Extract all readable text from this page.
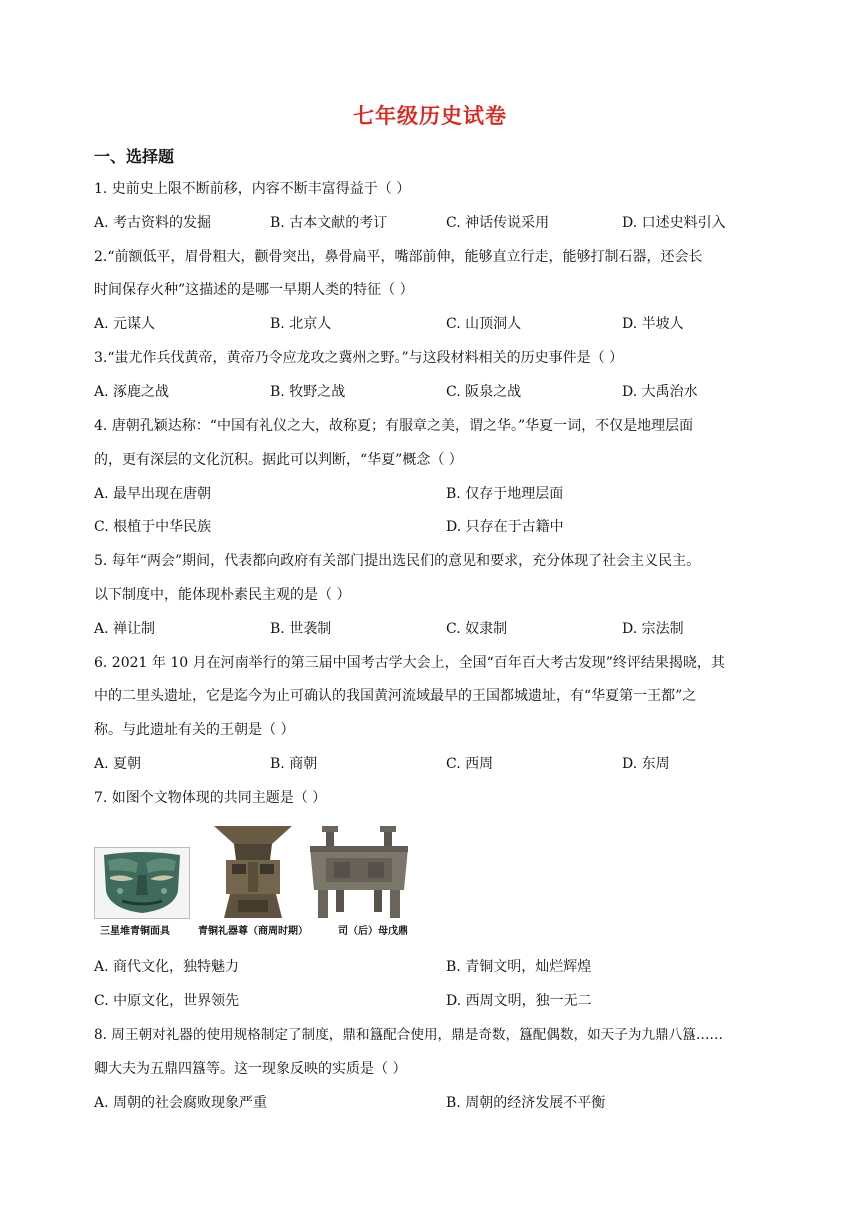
七年级历史试卷
一、选择题
1. 史前史上限不断前移，内容不断丰富得益于（ ）
A. 考古资料的发掘	B. 古本文献的考订	C. 神话传说采用	D. 口述史料引入
2.“前额低平，眉骨粗大，颧骨突出，鼻骨扁平，嘴部前伸，能够直立行走，能够打制石器，还会长
时间保存火种”这描述的是哪一早期人类的特征（ ）
A. 元谋人	B. 北京人	C. 山顶洞人	D. 半坡人
3.“蚩尤作兵伐黄帝，黄帝乃令应龙攻之冀州之野。”与这段材料相关的历史事件是（ ）
A. 涿鹿之战	B. 牧野之战	C. 阪泉之战	D. 大禹治水
4. 唐朝孔颖达称：“中国有礼仪之大，故称夏；有服章之美，谓之华。”华夏一词，不仅是地理层面
的，更有深层的文化沉积。据此可以判断，“华夏”概念（ ）
A. 最早出现在唐朝	B. 仅存于地理层面
C. 根植于中华民族	D. 只存在于古籍中
5. 每年“两会”期间，代表都向政府有关部门提出选民们的意见和要求，充分体现了社会主义民主。
以下制度中，能体现朴素民主观的是（ ）
A. 禅让制	B. 世袭制	C. 奴隶制	D. 宗法制
6. 2021 年 10 月在河南举行的第三届中国考古学大会上，全国“百年百大考古发现”终评结果揭晓，其
中的二里头遗址，它是迄今为止可确认的我国黄河流域最早的王国都城遗址，有“华夏第一王都”之
称。与此遗址有关的王朝是（ ）
A. 夏朝	B. 商朝	C. 西周	D. 东周
7. 如图个文物体现的共同主题是（ ）
三星堆青铜面具	青铜礼器尊（商周时期）	司（后）母戊鼎
A. 商代文化，独特魅力	B. 青铜文明，灿烂辉煌
C. 中原文化，世界领先	D. 西周文明，独一无二
8. 周王朝对礼器的使用规格制定了制度，鼎和簋配合使用，鼎是奇数，簋配偶数，如天子为九鼎八簋……
卿大夫为五鼎四簋等。这一现象反映的实质是（ ）
A. 周朝的社会腐败现象严重	B. 周朝的经济发展不平衡
